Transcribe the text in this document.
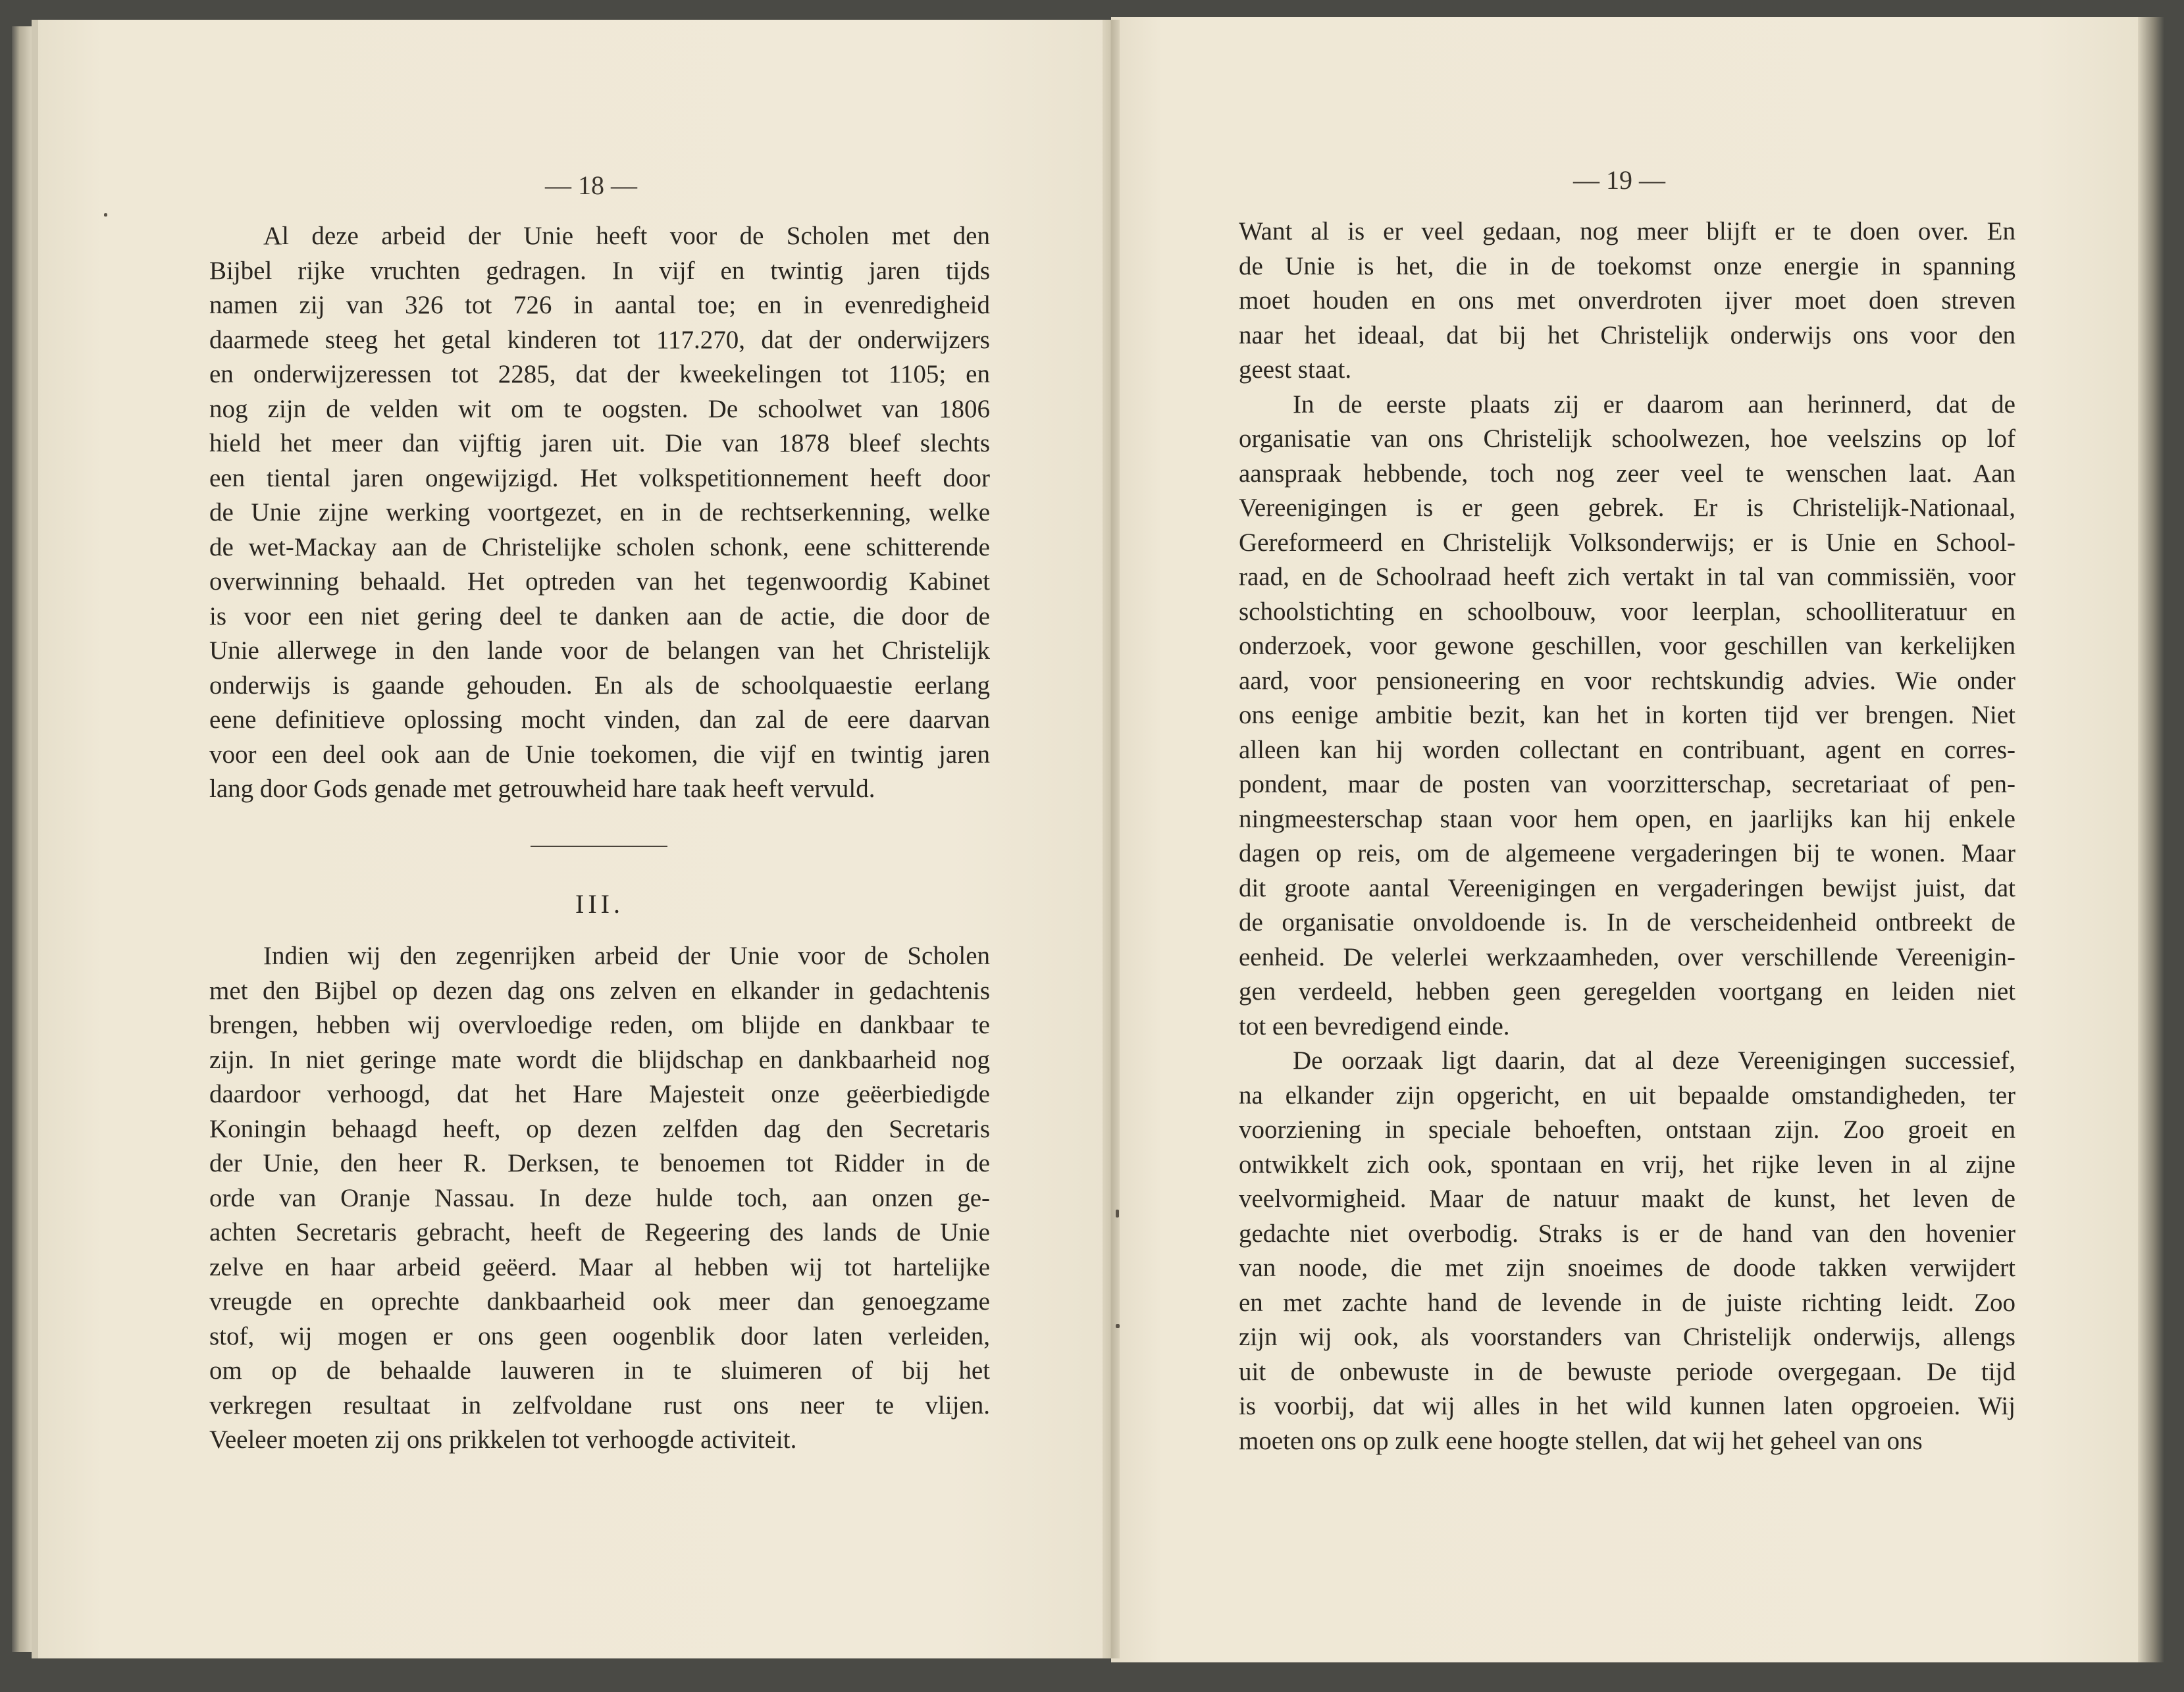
— 18 —
Al deze arbeid der Unie heeft voor de Scholen met den
Bijbel rijke vruchten gedragen. In vijf en twintig jaren tijds
namen zij van 326 tot 726 in aantal toe; en in evenredigheid
daarmede steeg het getal kinderen tot 117.270, dat der onderwijzers
en onderwijzeressen tot 2285, dat der kweekelingen tot 1105; en
nog zijn de velden wit om te oogsten. De schoolwet van 1806
hield het meer dan vijftig jaren uit. Die van 1878 bleef slechts
een tiental jaren ongewijzigd. Het volkspetitionnement heeft door
de Unie zijne werking voortgezet, en in de rechtserkenning, welke
de wet-Mackay aan de Christelijke scholen schonk, eene schitterende
overwinning behaald. Het optreden van het tegenwoordig Kabinet
is voor een niet gering deel te danken aan de actie, die door de
Unie allerwege in den lande voor de belangen van het Christelijk
onderwijs is gaande gehouden. En als de schoolquaestie eerlang
eene definitieve oplossing mocht vinden, dan zal de eere daarvan
voor een deel ook aan de Unie toekomen, die vijf en twintig jaren
lang door Gods genade met getrouwheid hare taak heeft vervuld.
III.
Indien wij den zegenrijken arbeid der Unie voor de Scholen
met den Bijbel op dezen dag ons zelven en elkander in gedachtenis
brengen, hebben wij overvloedige reden, om blijde en dankbaar te
zijn. In niet geringe mate wordt die blijdschap en dankbaarheid nog
daardoor verhoogd, dat het Hare Majesteit onze geëerbiedigde
Koningin behaagd heeft, op dezen zelfden dag den Secretaris
der Unie, den heer R. Derksen, te benoemen tot Ridder in de
orde van Oranje Nassau. In deze hulde toch, aan onzen ge-
achten Secretaris gebracht, heeft de Regeering des lands de Unie
zelve en haar arbeid geëerd. Maar al hebben wij tot hartelijke
vreugde en oprechte dankbaarheid ook meer dan genoegzame
stof, wij mogen er ons geen oogenblik door laten verleiden,
om op de behaalde lauweren in te sluimeren of bij het
verkregen resultaat in zelfvoldane rust ons neer te vlijen.
Veeleer moeten zij ons prikkelen tot verhoogde activiteit.
— 19 —
Want al is er veel gedaan, nog meer blijft er te doen over. En
de Unie is het, die in de toekomst onze energie in spanning
moet houden en ons met onverdroten ijver moet doen streven
naar het ideaal, dat bij het Christelijk onderwijs ons voor den
geest staat.
In de eerste plaats zij er daarom aan herinnerd, dat de
organisatie van ons Christelijk schoolwezen, hoe veelszins op lof
aanspraak hebbende, toch nog zeer veel te wenschen laat. Aan
Vereenigingen is er geen gebrek. Er is Christelijk-Nationaal,
Gereformeerd en Christelijk Volksonderwijs; er is Unie en School-
raad, en de Schoolraad heeft zich vertakt in tal van commissiën, voor
schoolstichting en schoolbouw, voor leerplan, schoolliteratuur en
onderzoek, voor gewone geschillen, voor geschillen van kerkelijken
aard, voor pensioneering en voor rechtskundig advies. Wie onder
ons eenige ambitie bezit, kan het in korten tijd ver brengen. Niet
alleen kan hij worden collectant en contribuant, agent en corres-
pondent, maar de posten van voorzitterschap, secretariaat of pen-
ningmeesterschap staan voor hem open, en jaarlijks kan hij enkele
dagen op reis, om de algemeene vergaderingen bij te wonen. Maar
dit groote aantal Vereenigingen en vergaderingen bewijst juist, dat
de organisatie onvoldoende is. In de verscheidenheid ontbreekt de
eenheid. De velerlei werkzaamheden, over verschillende Vereenigin-
gen verdeeld, hebben geen geregelden voortgang en leiden niet
tot een bevredigend einde.
De oorzaak ligt daarin, dat al deze Vereenigingen successief,
na elkander zijn opgericht, en uit bepaalde omstandigheden, ter
voorziening in speciale behoeften, ontstaan zijn. Zoo groeit en
ontwikkelt zich ook, spontaan en vrij, het rijke leven in al zijne
veelvormigheid. Maar de natuur maakt de kunst, het leven de
gedachte niet overbodig. Straks is er de hand van den hovenier
van noode, die met zijn snoeimes de doode takken verwijdert
en met zachte hand de levende in de juiste richting leidt. Zoo
zijn wij ook, als voorstanders van Christelijk onderwijs, allengs
uit de onbewuste in de bewuste periode overgegaan. De tijd
is voorbij, dat wij alles in het wild kunnen laten opgroeien. Wij
moeten ons op zulk eene hoogte stellen, dat wij het geheel van ons
